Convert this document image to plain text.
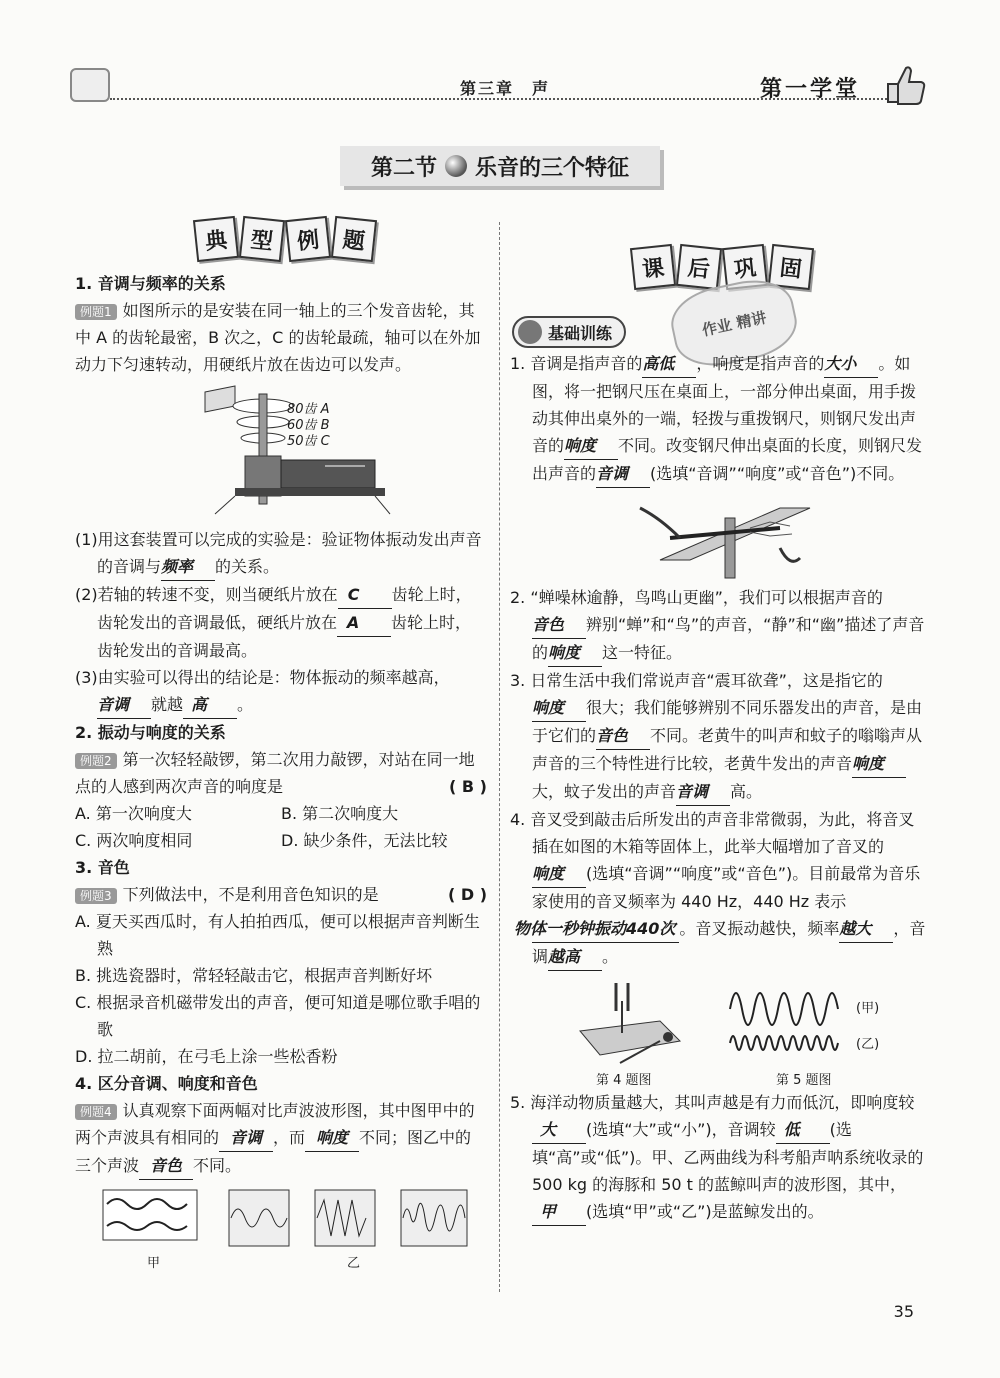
第三章　声	第一学堂
第二节 乐音的三个特征
典 型 例 题

1. 音调与频率的关系

例题1 如图所示的是安装在同一轴上的三个发音齿轮，其中 A 的齿轮最密，B 次之，C 的齿轮最疏，轴可以在外加动力下匀速转动，用硬纸片放在齿边可以发声。

80齿 A
60齿 B
50齿 C

(1)用这套装置可以完成的实验是：验证物体振动发出声音的音调与频率 的关系。

(2)若轴的转速不变，则当硬纸片放在 C 齿轮上时，齿轮发出的音调最低，硬纸片放在 A 齿轮上时，齿轮发出的音调最高。

(3)由实验可以得出的结论是：物体振动的频率越高，音调 就越 高 。

2. 振动与响度的关系

例题2 第一次轻轻敲锣，第二次用力敲锣，对站在同一地点的人感到两次声音的响度是	( B )

A. 第一次响度大	B. 第二次响度大
C. 两次响度相同	D. 缺少条件，无法比较

3. 音色

例题3 下列做法中，不是利用音色知识的是	( D )

A. 夏天买西瓜时，有人拍拍西瓜，便可以根据声音判断生熟

B. 挑选瓷器时，常轻轻敲击它，根据声音判断好坏

C. 根据录音机磁带发出的声音，便可知道是哪位歌手唱的歌

D. 拉二胡前，在弓毛上涂一些松香粉

4. 区分音调、响度和音色

例题4 认真观察下面两幅对比声波波形图，其中图甲中的两个声波具有相同的 音调 ，而 响度 不同；图乙中的三个声波 音色 不同。

甲	乙
课 后 巩 固
作业 精讲
基础训练

1. 音调是指声音的高低 ，响度是指声音的大小 。如图，将一把钢尺压在桌面上，一部分伸出桌面，用手拨动其伸出桌外的一端，轻拨与重拨钢尺，则钢尺发出声音的响度 不同。改变钢尺伸出桌面的长度，则钢尺发出声音的音调 (选填“音调”“响度”或“音色”)不同。

2. “蝉噪林逾静，鸟鸣山更幽”，我们可以根据声音的音色 辨别“蝉”和“鸟”的声音，“静”和“幽”描述了声音的响度 这一特征。

3. 日常生活中我们常说声音“震耳欲聋”，这是指它的响度 很大；我们能够辨别不同乐器发出的声音，是由于它们的音色 不同。老黄牛的叫声和蚊子的嗡嗡声从声音的三个特性进行比较，老黄牛发出的声音响度大，蚊子发出的声音音调 高。

4. 音叉受到敲击后所发出的声音非常微弱，为此，将音叉插在如图的木箱等固体上，此举大幅增加了音叉的响度 (选填“音调”“响度”或“音色”)。目前最常为音乐家使用的音叉频率为 440 Hz，440 Hz 表示物体一秒钟振动440次 。音叉振动越快，频率越大 ，音调越高 。

(甲)
(乙)
第 4 题图	第 5 题图

5. 海洋动物质量越大，其叫声越是有力而低沉，即响度较大 (选填“大”或“小”)，音调较 低 (选填“高”或“低”)。甲、乙两曲线为科考船声呐系统收录的 500 kg 的海豚和 50 t 的蓝鲸叫声的波形图，其中，甲 (选填“甲”或“乙”)是蓝鲸发出的。

35
